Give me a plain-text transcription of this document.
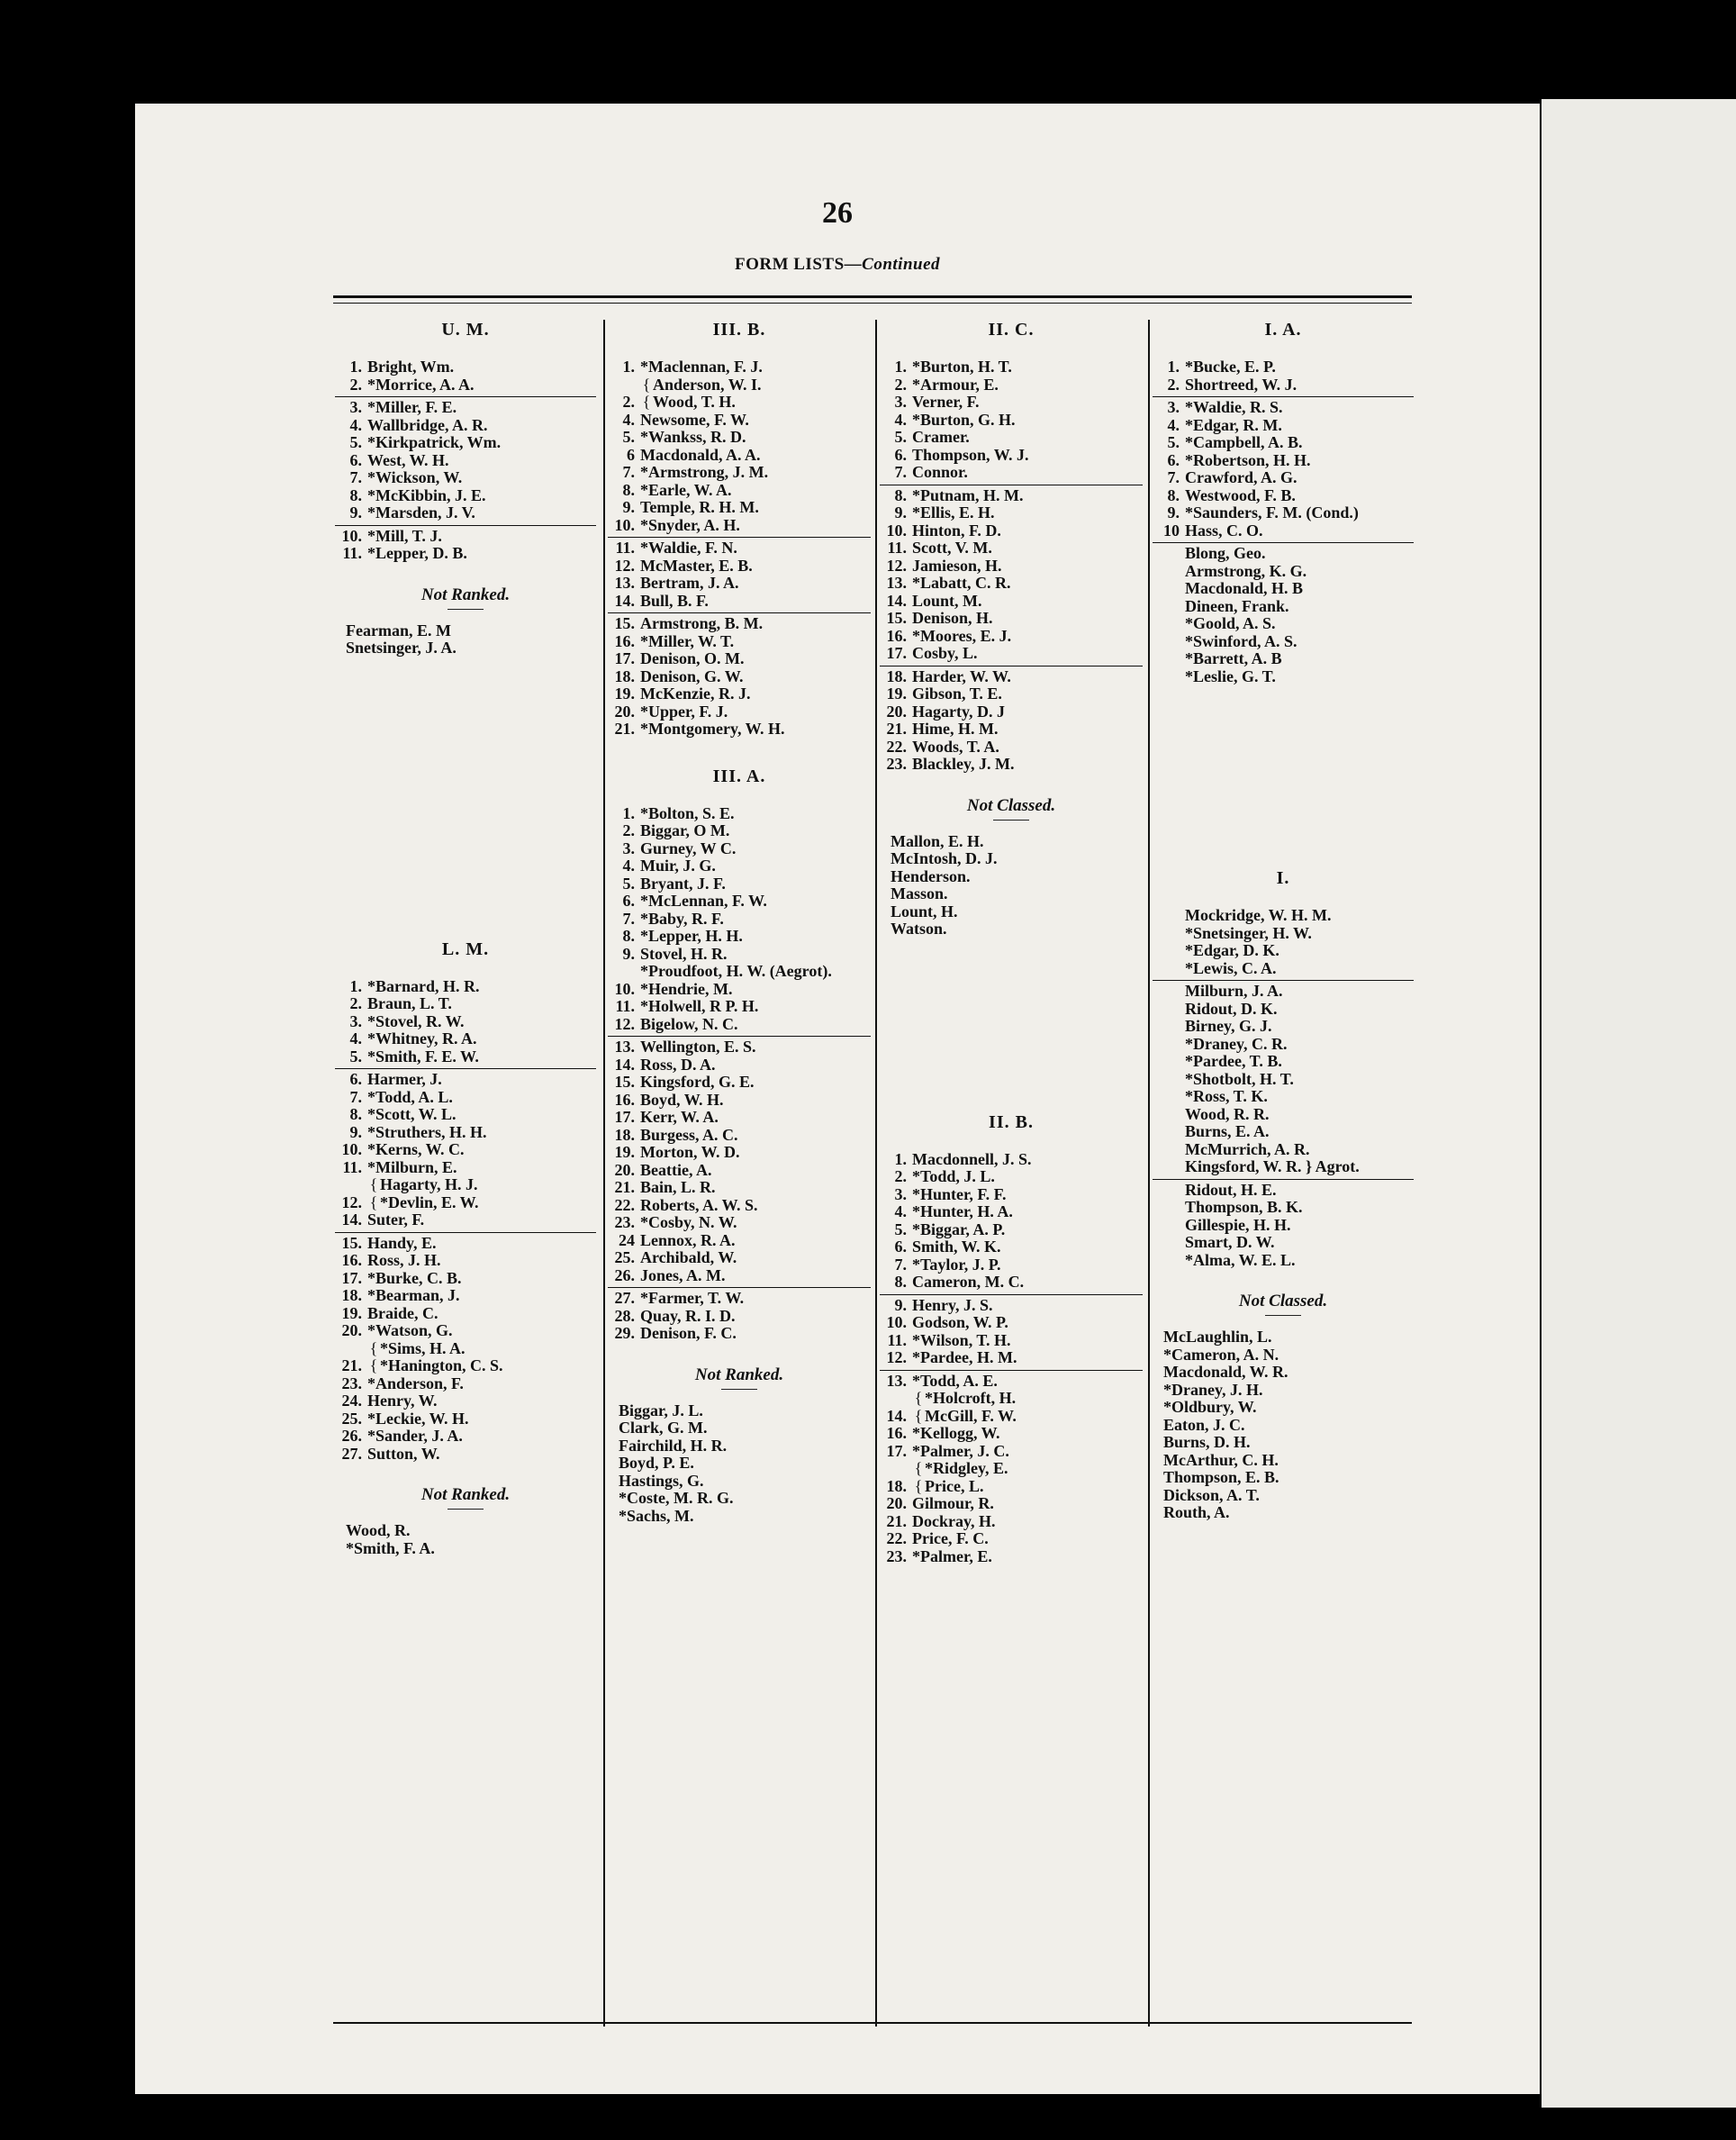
26
FORM LISTS—Continued
U. M.
1. Bright, Wm.
2. *Morrice, A. A.
3. *Miller, F. E.
4. Wallbridge, A. R.
5. *Kirkpatrick, Wm.
6. West, W. H.
7. *Wickson, W.
8. *McKibbin, J. E.
9. *Marsden, J. V.
10. *Mill, T. J.
11. *Lepper, D. B.
Not Ranked.
Fearman, E. M
Snetsinger, J. A.
L. M.
1. *Barnard, H. R.
2. Braun, L. T.
3. *Stovel, R. W.
4. *Whitney, R. A.
5. *Smith, F. E. W.
6. Harmer, J.
7. *Todd, A. L.
8. *Scott, W. L.
9. *Struthers, H. H.
10. *Kerns, W. C.
11. *Milburn, E.
{ Hagarty, H. J.
12. { *Devlin, E. W.
14. Suter, F.
15. Handy, E.
16. Ross, J. H.
17. *Burke, C. B.
18. *Bearman, J.
19. Braide, C.
20. *Watson, G.
{ *Sims, H. A.
21. { *Hanington, C. S.
23. *Anderson, F.
24. Henry, W.
25. *Leckie, W. H.
26. *Sander, J. A.
27. Sutton, W.
Not Ranked.
Wood, R.
*Smith, F. A.
III. B.
1. *Maclennan, F. J.
{ Anderson, W. I.
2. { Wood, T. H.
4. Newsome, F. W.
5. *Wankss, R. D.
6 Macdonald, A. A.
7. *Armstrong, J. M.
8. *Earle, W. A.
9. Temple, R. H. M.
10. *Snyder, A. H.
11. *Waldie, F. N.
12. McMaster, E. B.
13. Bertram, J. A.
14. Bull, B. F.
15. Armstrong, B. M.
16. *Miller, W. T.
17. Denison, O. M.
18. Denison, G. W.
19. McKenzie, R. J.
20. *Upper, F. J.
21. *Montgomery, W. H.
III. A.
1. *Bolton, S. E.
2. Biggar, O M.
3. Gurney, W C.
4. Muir, J. G.
5. Bryant, J. F.
6. *McLennan, F. W.
7. *Baby, R. F.
8. *Lepper, H. H.
9. Stovel, H. R.
*Proudfoot, H. W. (Aegrot).
10. *Hendrie, M.
11. *Holwell, R P. H.
12. Bigelow, N. C.
13. Wellington, E. S.
14. Ross, D. A.
15. Kingsford, G. E.
16. Boyd, W. H.
17. Kerr, W. A.
18. Burgess, A. C.
19. Morton, W. D.
20. Beattie, A.
21. Bain, L. R.
22. Roberts, A. W. S.
23. *Cosby, N. W.
24 Lennox, R. A.
25. Archibald, W.
26. Jones, A. M.
27. *Farmer, T. W.
28. Quay, R. I. D.
29. Denison, F. C.
Not Ranked.
Biggar, J. L.
Clark, G. M.
Fairchild, H. R.
Boyd, P. E.
Hastings, G.
*Coste, M. R. G.
*Sachs, M.
II. C.
1. *Burton, H. T.
2. *Armour, E.
3. Verner, F.
4. *Burton, G. H.
5. Cramer.
6. Thompson, W. J.
7. Connor.
8. *Putnam, H. M.
9. *Ellis, E. H.
10. Hinton, F. D.
11. Scott, V. M.
12. Jamieson, H.
13. *Labatt, C. R.
14. Lount, M.
15. Denison, H.
16. *Moores, E. J.
17. Cosby, L.
18. Harder, W. W.
19. Gibson, T. E.
20. Hagarty, D. J
21. Hime, H. M.
22. Woods, T. A.
23. Blackley, J. M.
Not Classed.
Mallon, E. H.
McIntosh, D. J.
Henderson.
Masson.
Lount, H.
Watson.
II. B.
1. Macdonnell, J. S.
2. *Todd, J. L.
3. *Hunter, F. F.
4. *Hunter, H. A.
5. *Biggar, A. P.
6. Smith, W. K.
7. *Taylor, J. P.
8. Cameron, M. C.
9. Henry, J. S.
10. Godson, W. P.
11. *Wilson, T. H.
12. *Pardee, H. M.
13. *Todd, A. E.
{ *Holcroft, H.
14. { McGill, F. W.
16. *Kellogg, W.
17. *Palmer, J. C.
{ *Ridgley, E.
18. { Price, L.
20. Gilmour, R.
21. Dockray, H.
22. Price, F. C.
23. *Palmer, E.
I. A.
1. *Bucke, E. P.
2. Shortreed, W. J.
3. *Waldie, R. S.
4. *Edgar, R. M.
5. *Campbell, A. B.
6. *Robertson, H. H.
7. Crawford, A. G.
8. Westwood, F. B.
9. *Saunders, F. M. (Cond.)
10 Hass, C. O.
Blong, Geo.
Armstrong, K. G.
Macdonald, H. B
Dineen, Frank.
*Goold, A. S.
*Swinford, A. S.
*Barrett, A. B
*Leslie, G. T.
I.
Mockridge, W. H. M.
*Snetsinger, H. W.
*Edgar, D. K.
*Lewis, C. A.
Milburn, J. A.
Ridout, D. K.
Birney, G. J.
*Draney, C. R.
*Pardee, T. B.
*Shotbolt, H. T.
*Ross, T. K.
Wood, R. R.
Burns, E. A.
McMurrich, A. R.
Kingsford, W. R. } Agrot.
Ridout, H. E.
Thompson, B. K.
Gillespie, H. H.
Smart, D. W.
*Alma, W. E. L.
Not Classed.
McLaughlin, L.
*Cameron, A. N.
Macdonald, W. R.
*Draney, J. H.
*Oldbury, W.
Eaton, J. C.
Burns, D. H.
McArthur, C. H.
Thompson, E. B.
Dickson, A. T.
Routh, A.
